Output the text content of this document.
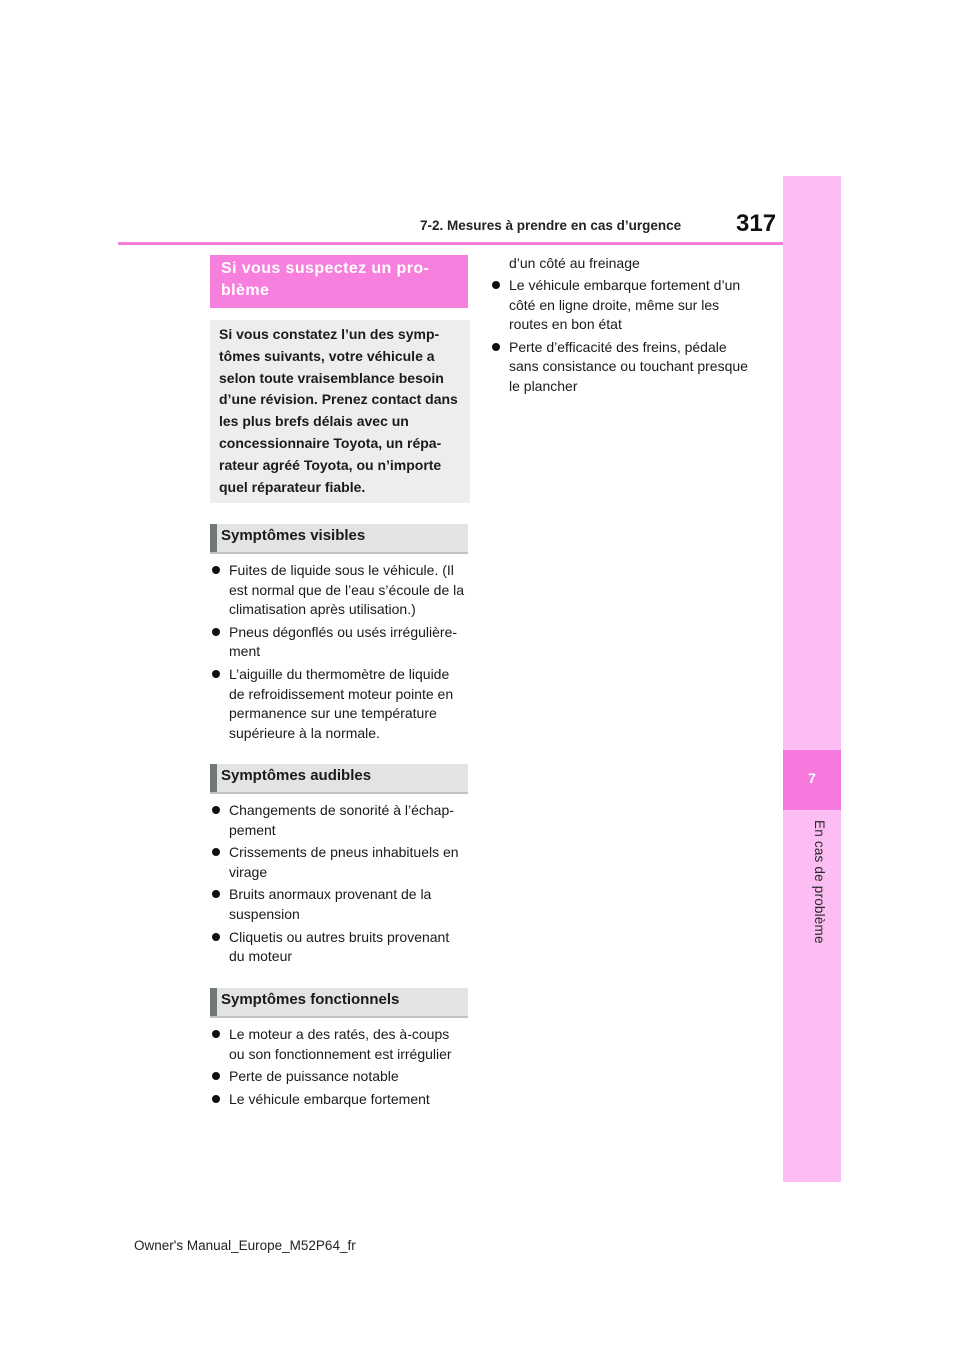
7
En cas de problème
7-2. Mesures à prendre en cas d’urgence 317
Si vous suspectez un pro-blème
Si vous constatez l’un des symp-tômes suivants, votre véhicule a selon toute vraisemblance besoin d’une révision. Prenez contact dans les plus brefs délais avec un concessionnaire Toyota, un répa-rateur agréé Toyota, ou n’importe quel réparateur fiable.
Symptômes visibles
Fuites de liquide sous le véhicule. (Il est normal que de l’eau s’écoule de la climatisation après utilisation.)
Pneus dégonflés ou usés irrégulière-ment
L’aiguille du thermomètre de liquide de refroidissement moteur pointe en permanence sur une température supérieure à la normale.
Symptômes audibles
Changements de sonorité à l’échap-pement
Crissements de pneus inhabituels en virage
Bruits anormaux provenant de la suspension
Cliquetis ou autres bruits provenant du moteur
Symptômes fonctionnels
Le moteur a des ratés, des à-coups ou son fonctionnement est irrégulier
Perte de puissance notable
Le véhicule embarque fortement
d’un côté au freinage
Le véhicule embarque fortement d’un côté en ligne droite, même sur les routes en bon état
Perte d’efficacité des freins, pédale sans consistance ou touchant presque le plancher
Owner's Manual_Europe_M52P64_fr
